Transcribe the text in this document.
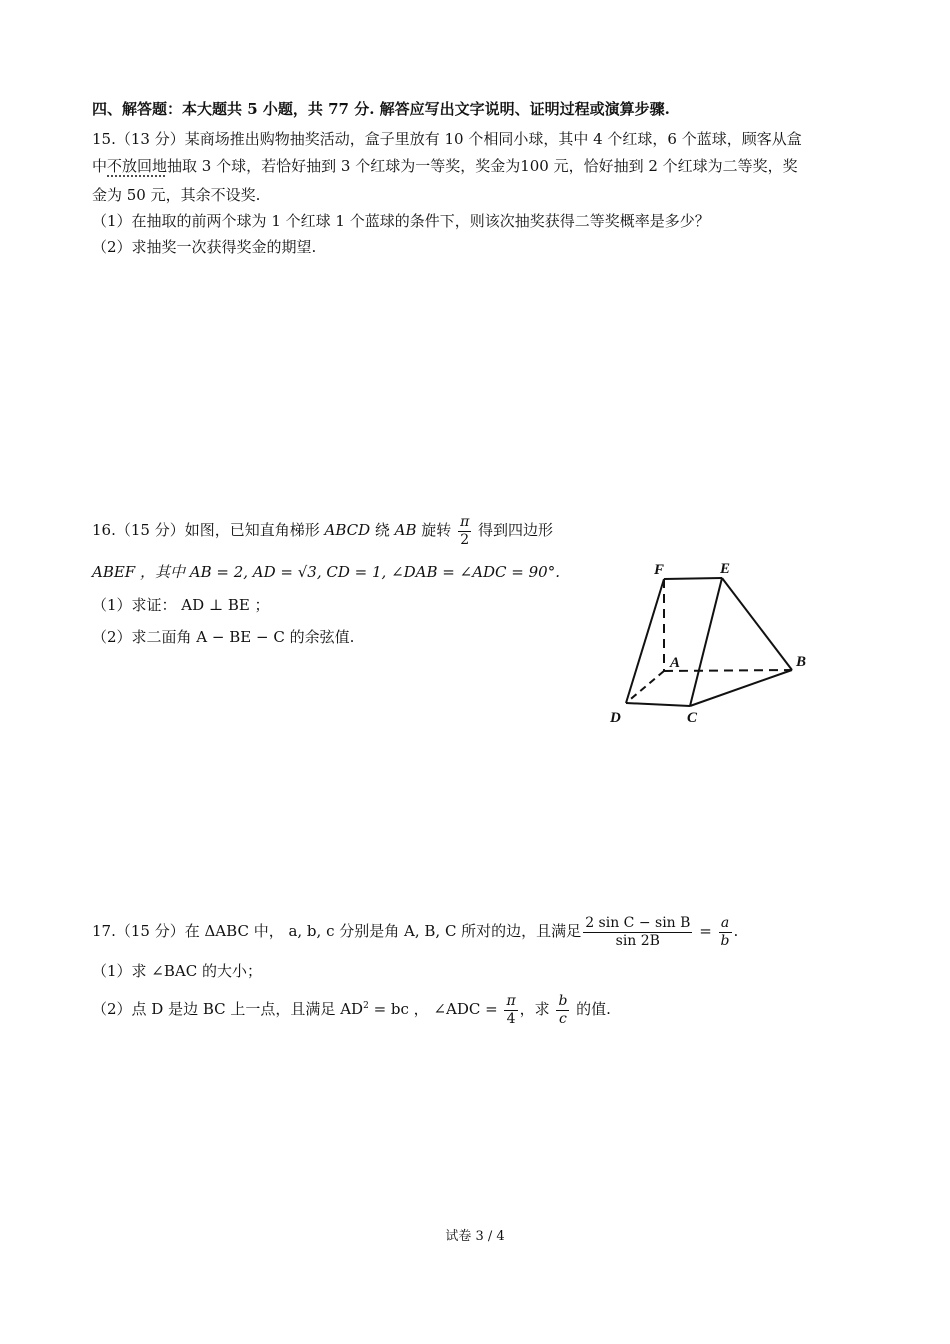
四、解答题：本大题共 5 小题，共 77 分. 解答应写出文字说明、证明过程或演算步骤.
15.（13 分）某商场推出购物抽奖活动，盒子里放有 10 个相同小球，其中 4 个红球，6 个蓝球，顾客从盒
中不放回地抽取 3 个球，若恰好抽到 3 个红球为一等奖，奖金为100 元，恰好抽到 2 个红球为二等奖，奖
金为 50 元，其余不设奖.
（1）在抽取的前两个球为 1 个红球 1 个蓝球的条件下，则该次抽奖获得二等奖概率是多少？
（2）求抽奖一次获得奖金的期望.
16.（15 分）如图，已知直角梯形 ABCD 绕 AB 旋转 $\frac{\pi}{2}$ 得到四边形
ABEF ，其中 AB = 2, AD = √3, CD = 1, ∠DAB = ∠ADC = 90°.
（1）求证： AD ⊥ BE ；
（2）求二面角 A − BE − C 的余弦值.
F	E
A	B
D	C
17.（15 分）在 ΔABC 中， a, b, c 分别是角 A, B, C 所对的边，且满足 $\frac{\text{2 sin C − sin B}}{\sin 2B} = \frac{a}{b}$ .
（1）求 ∠BAC 的大小；
（2）点 D 是边 BC 上一点，且满足 $AD^2$ = bc ， ∠ADC = $\frac{\pi}{4}$ ，求 $\frac{b}{c}$ 的值.
试卷 3 / 4
